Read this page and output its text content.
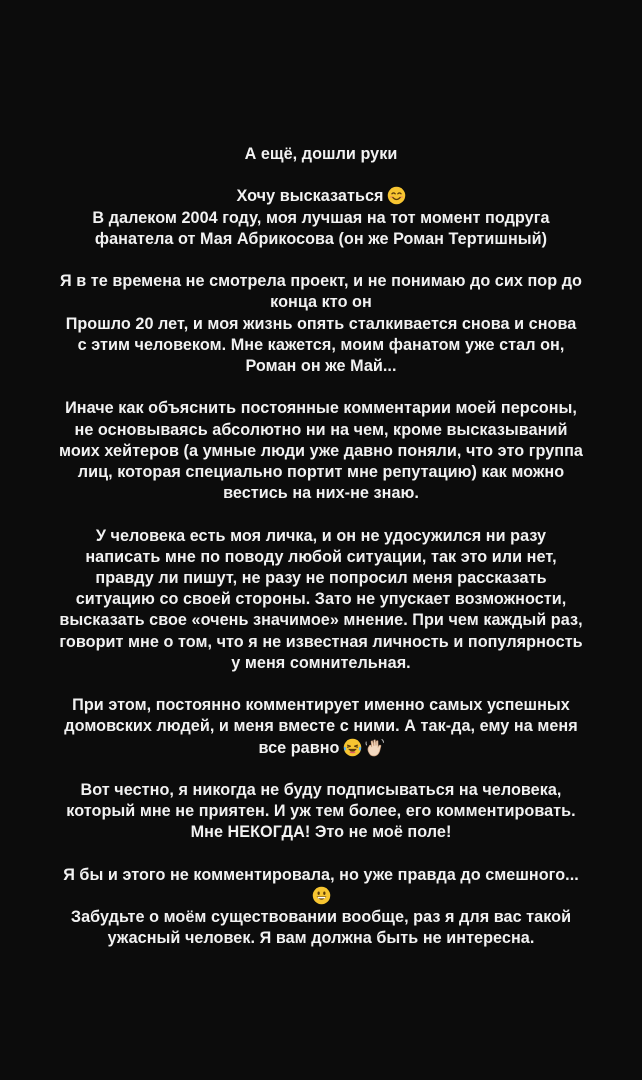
А ещё, дошли руки
Хочу высказаться
В далеком 2004 году, моя лучшая на тот момент подруга
фанатела от Мая Абрикосова (он же Роман Тертишный)
Я в те времена не смотрела проект, и не понимаю до сих пор до
конца кто он
Прошло 20 лет, и моя жизнь опять сталкивается снова и снова
с этим человеком. Мне кажется, моим фанатом уже стал он,
Роман он же Май...
Иначе как объяснить постоянные комментарии моей персоны,
не основываясь абсолютно ни на чем, кроме высказываний
моих хейтеров (а умные люди уже давно поняли, что это группа
лиц, которая специально портит мне репутацию) как можно
вестись на них-не знаю.
У человека есть моя личка, и он не удосужился ни разу
написать мне по поводу любой ситуации, так это или нет,
правду ли пишут, не разу не попросил меня рассказать
ситуацию со своей стороны. Зато не упускает возможности,
высказать свое «очень значимое» мнение. При чем каждый раз,
говорит мне о том, что я не известная личность и популярность
у меня сомнительная.
При этом, постоянно комментирует именно самых успешных
домовских людей, и меня вместе с ними. А так-да, ему на меня
все равно
Вот честно, я никогда не буду подписываться на человека,
который мне не приятен. И уж тем более, его комментировать.
Мне НЕКОГДА! Это не моё поле!
Я бы и этого не комментировала, но уже правда до смешного...
Забудьте о моём существовании вообще, раз я для вас такой
ужасный человек. Я вам должна быть не интересна.
